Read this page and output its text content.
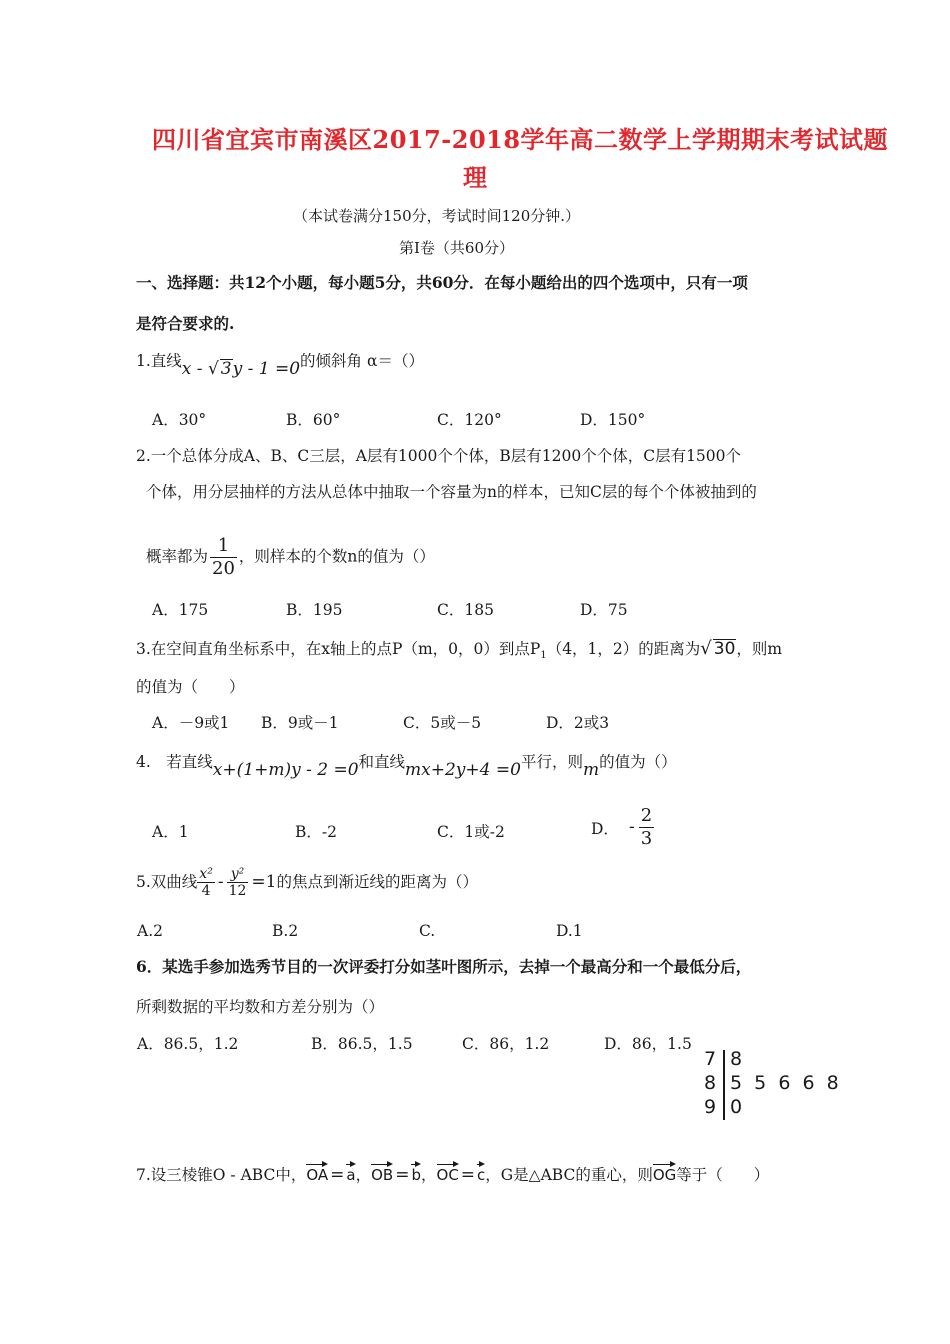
四川省宜宾市南溪区2017-2018学年高二数学上学期期末考试试题
理
（本试卷满分150分，考试时间120分钟.）
第Ⅰ卷（共60分）
一、选择题：共12个小题，每小题5分，共60分．在每小题给出的四个选项中，只有一项
是符合要求的.
1.直线x - √ 3y - 1 =0的倾斜角 α＝（）
A．30°	B．60°	C．120°	D．150°
2.一个总体分成A、B、C三层，A层有1000个个体，B层有1200个个体，C层有1500个
个体，用分层抽样的方法从总体中抽取一个容量为n的样本，已知C层的每个个体被抽到的
概率都为 $\frac{1}{20}$ ，则样本的个数n的值为（）
A．175	B．195	C．185	D．75
3.在空间直角坐标系中，在x轴上的点P（m，0，0）到点$P_1(4$，1，2）的距离为√ 30，则m
的值为（　　）
A．－9或1 B．9或－1	C．5或－5	D．2或3
4.　若直线x+(1+m)y - 2 =0和直线mx+2y+4 =0平行，则m的值为（）
A．1	B．-2	C．1或-2	D． - $\frac{2}{3}$
5.双曲线 $\frac{\text{x²}}{4} - \frac{\text{y²}}{12} =1$的焦点到渐近线的距离为（）
A.2	B.2	C.	D.1
6．某选手参加选秀节目的一次评委打分如茎叶图所示，去掉一个最高分和一个最低分后，
所剩数据的平均数和方差分别为（）
A．86.5，1.2	B．86.5，1.5	C．86，1.2	D．86，1.5
7 8
8 5  5  6  6  8
9 0
7.设三棱锥O - ABC中，OA = a，OB = b，OC = c，G是△ABC的重心，则OG等于（　　）
